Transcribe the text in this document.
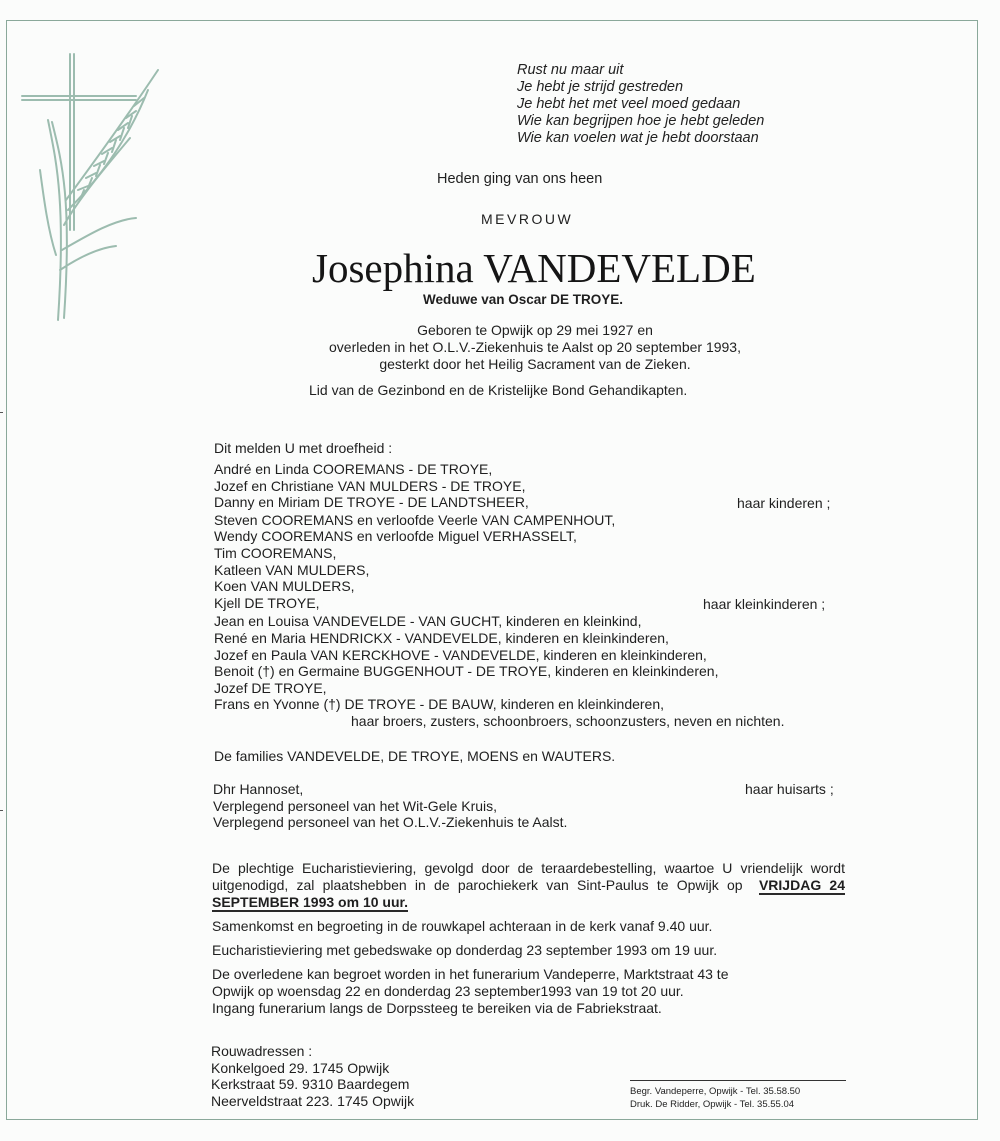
Rust nu maar uit
Je hebt je strijd gestreden
Je hebt het met veel moed gedaan
Wie kan begrijpen hoe je hebt geleden
Wie kan voelen wat je hebt doorstaan
Heden ging van ons heen
MEVROUW
Josephina VANDEVELDE
Weduwe van Oscar DE TROYE.
Geboren te Opwijk op 29 mei 1927 en
overleden in het O.L.V.-Ziekenhuis te Aalst op 20 september 1993,
gesterkt door het Heilig Sacrament van de Zieken.
Lid van de Gezinbond en de Kristelijke Bond Gehandikapten.
Dit melden U met droefheid :
André en Linda COOREMANS - DE TROYE,
Jozef en Christiane VAN MULDERS - DE TROYE,
Danny en Miriam DE TROYE - DE LANDTSHEER,	haar kinderen ;
Steven COOREMANS en verloofde Veerle VAN CAMPENHOUT,
Wendy COOREMANS en verloofde Miguel VERHASSELT,
Tim COOREMANS,
Katleen VAN MULDERS,
Koen VAN MULDERS,
Kjell DE TROYE,	haar kleinkinderen ;
Jean en Louisa VANDEVELDE - VAN GUCHT, kinderen en kleinkind,
René en Maria HENDRICKX - VANDEVELDE, kinderen en kleinkinderen,
Jozef en Paula VAN KERCKHOVE - VANDEVELDE, kinderen en kleinkinderen,
Benoit (†) en Germaine BUGGENHOUT - DE TROYE, kinderen en kleinkinderen,
Jozef DE TROYE,
Frans en Yvonne (†) DE TROYE - DE BAUW, kinderen en kleinkinderen,
haar broers, zusters, schoonbroers, schoonzusters, neven en nichten.
De families VANDEVELDE, DE TROYE, MOENS en WAUTERS.
Dhr Hannoset,	haar huisarts ;
Verplegend personeel van het Wit-Gele Kruis,
Verplegend personeel van het O.L.V.-Ziekenhuis te Aalst.
De plechtige Eucharistieviering, gevolgd door de teraardebestelling, waartoe U vriendelijk wordt uitgenodigd, zal plaatshebben in de parochiekerk van Sint-Paulus te Opwijk op VRIJDAG 24 SEPTEMBER 1993 om 10 uur.
Samenkomst en begroeting in de rouwkapel achteraan in de kerk vanaf 9.40 uur.
Eucharistieviering met gebedswake op donderdag 23 september 1993 om 19 uur.
De overledene kan begroet worden in het funerarium Vandeperre, Marktstraat 43 te
Opwijk op woensdag 22 en donderdag 23 september1993 van 19 tot 20 uur.
Ingang funerarium langs de Dorpssteeg te bereiken via de Fabriekstraat.
Rouwadressen :
Konkelgoed 29. 1745 Opwijk
Kerkstraat 59. 9310 Baardegem
Neerveldstraat 223. 1745 Opwijk
Begr. Vandeperre, Opwijk - Tel. 35.58.50
Druk. De Ridder, Opwijk - Tel. 35.55.04
